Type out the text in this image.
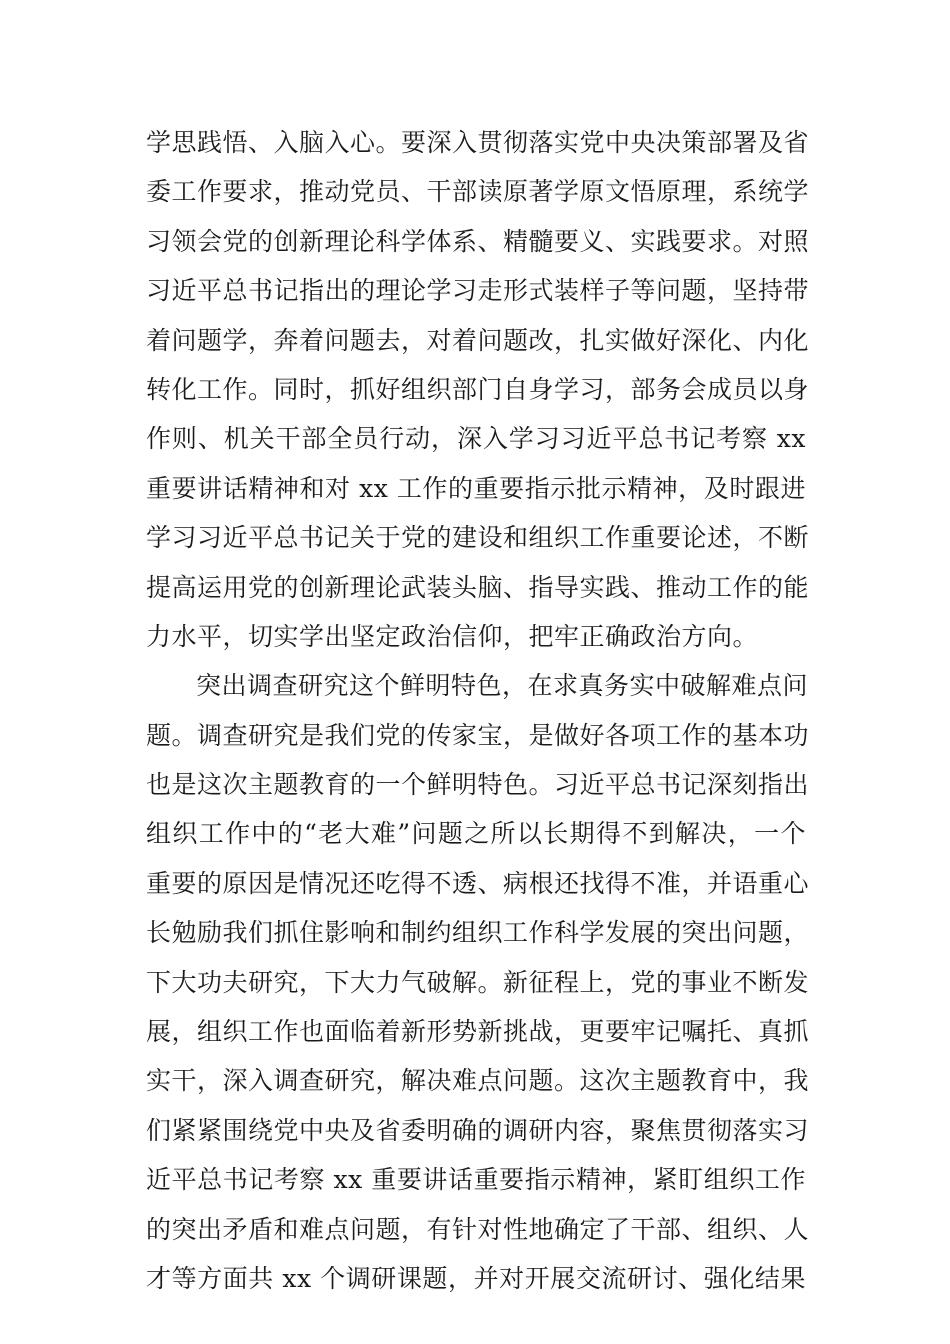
学思践悟、入脑入心。要深入贯彻落实党中央决策部署及省
委工作要求，推动党员、干部读原著学原文悟原理，系统学
习领会党的创新理论科学体系、精髓要义、实践要求。对照
习近平总书记指出的理论学习走形式装样子等问题，坚持带
着问题学，奔着问题去，对着问题改，扎实做好深化、内化
转化工作。同时，抓好组织部门自身学习，部务会成员以身
作则、机关干部全员行动，深入学习习近平总书记考察 xx
重要讲话精神和对 xx 工作的重要指示批示精神，及时跟进
学习习近平总书记关于党的建设和组织工作重要论述，不断
提高运用党的创新理论武装头脑、指导实践、推动工作的能
力水平，切实学出坚定政治信仰，把牢正确政治方向。
突出调查研究这个鲜明特色，在求真务实中破解难点问
题。调查研究是我们党的传家宝，是做好各项工作的基本功
也是这次主题教育的一个鲜明特色。习近平总书记深刻指出
组织工作中的“老大难”问题之所以长期得不到解决，一个
重要的原因是情况还吃得不透、病根还找得不准，并语重心
长勉励我们抓住影响和制约组织工作科学发展的突出问题，
下大功夫研究，下大力气破解。新征程上，党的事业不断发
展，组织工作也面临着新形势新挑战，更要牢记嘱托、真抓
实干，深入调查研究，解决难点问题。这次主题教育中，我
们紧紧围绕党中央及省委明确的调研内容，聚焦贯彻落实习
近平总书记考察 xx 重要讲话重要指示精神，紧盯组织工作
的突出矛盾和难点问题，有针对性地确定了干部、组织、人
才等方面共 xx 个调研课题，并对开展交流研讨、强化结果
